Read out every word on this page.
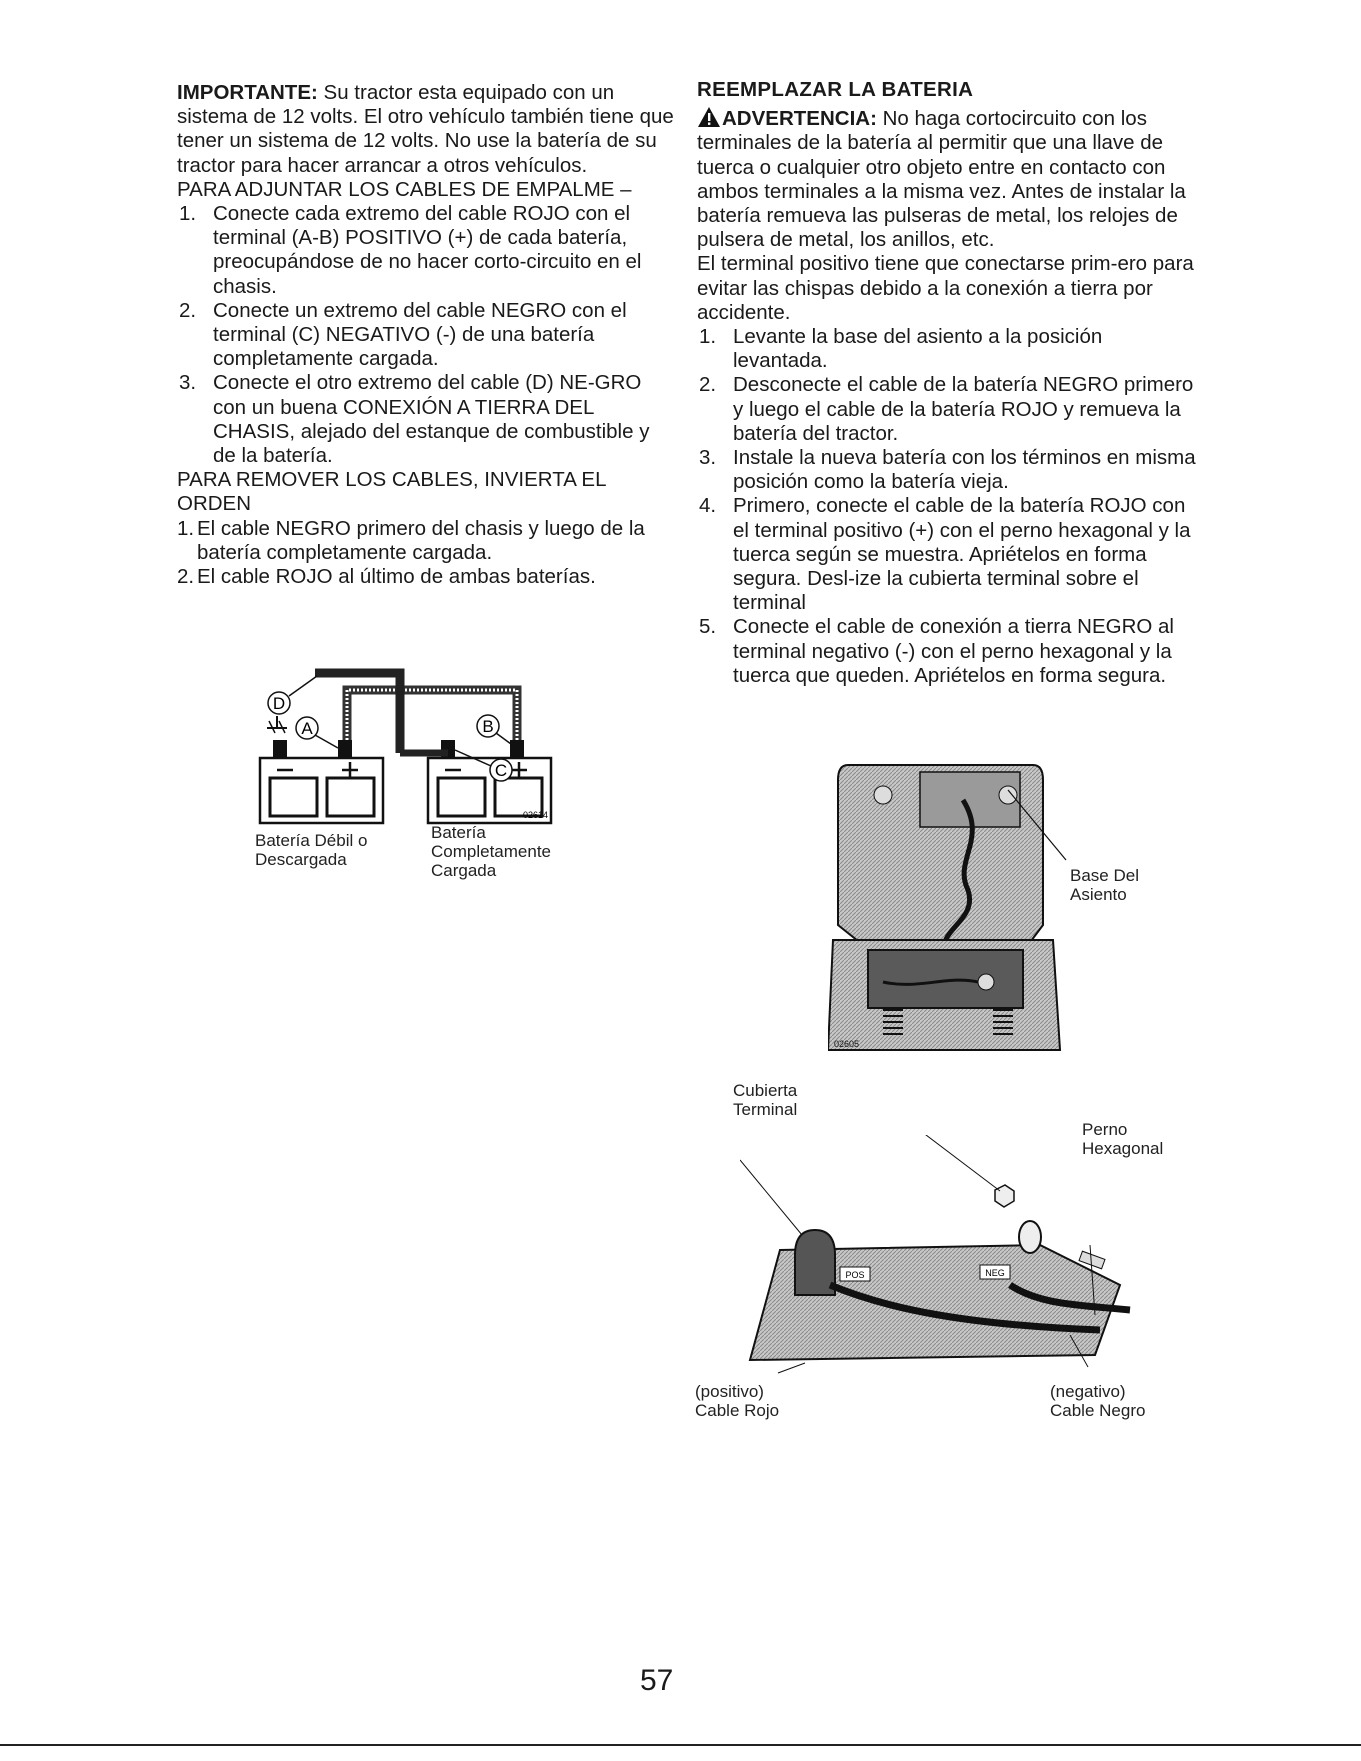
IMPORTANTE: Su tractor esta equipado con un sistema de 12 volts. El otro vehículo también tiene que tener un sistema de 12 volts. No use la batería de su tractor para hacer arrancar a otros vehículos.

PARA ADJUNTAR LOS CABLES DE EMPALME –

1. Conecte cada extremo del cable ROJO con el terminal (A-B) POSITIVO (+) de cada batería, preocupándose de no hacer corto-circuito en el chasis.
2. Conecte un extremo del cable NEGRO con el terminal (C) NEGATIVO (-) de una batería completamente cargada.
3. Conecte el otro extremo del cable (D) NE-GRO con un buena CONEXIÓN A TIERRA DEL CHASIS, alejado del estanque de combustible y de la batería.

PARA REMOVER LOS CABLES, INVIERTA EL ORDEN

1. El cable NEGRO primero del chasis y luego de la batería completamente cargada.
2. El cable ROJO al último de ambas baterías.
D
A	B
C
02614
Batería Débil o
Descargada
Batería
Completamente
Cargada

REEMPLAZAR LA BATERIA

ADVERTENCIA: No haga cortocircuito con los terminales de la batería al permitir que una llave de tuerca o cualquier otro objeto entre en contacto con ambos terminales a la misma vez. Antes de instalar la batería remueva las pulseras de metal, los relojes de pulsera de metal, los anillos, etc.

El terminal positivo tiene que conectarse prim-ero para evitar las chispas debido a la conexión a tierra por accidente.

1. Levante la base del asiento a la posición levantada.
2. Desconecte el cable de la batería NEGRO primero y luego el cable de la batería ROJO y remueva la batería del tractor.
3. Instale la nueva batería con los términos en misma posición como la batería vieja.
4. Primero, conecte el cable de la batería ROJO con el terminal positivo (+) con el perno hexagonal y la tuerca según se muestra. Apriételos en forma segura. Desl-ize la cubierta terminal sobre el terminal
5. Conecte el cable de conexión a tierra NEGRO al terminal negativo (-) con el perno hexagonal y la tuerca que queden. Apriételos en forma segura.
02605
Base Del
Asiento
POS	NEG
Cubierta
Terminal
Perno
Hexagonal
(positivo)
Cable Rojo
(negativo)
Cable Negro
57
